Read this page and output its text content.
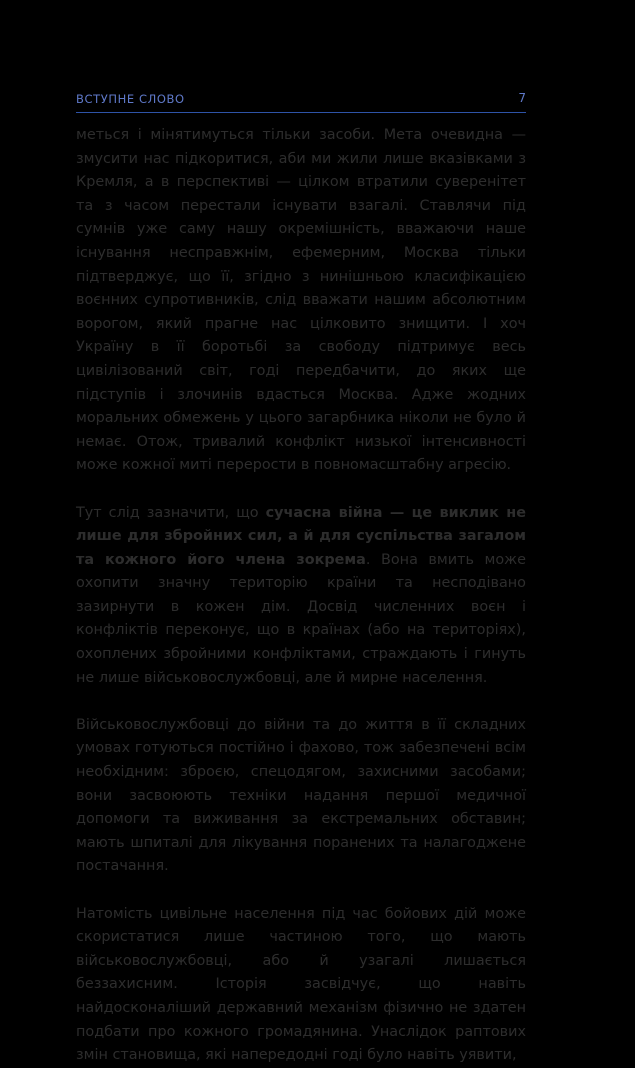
ВСТУПНЕ СЛОВО	7

меться і мінятимуться тільки засоби. Мета очевидна — змусити нас підкоритися, аби ми жили лише вказівками з Кремля, а в перспективі — цілком втратили суверенітет та з часом перестали існувати взагалі. Ставлячи під сумнів уже саму нашу окремішність, вважаючи наше існування несправжнім, ефемерним, Москва тільки підтверджує, що її, згідно з нинішньою класифікацією воєнних супротивників, слід вважати нашим абсолютним ворогом, який прагне нас цілковито знищити. І хоч Україну в її боротьбі за свободу підтримує весь цивілізований світ, годі передбачити, до яких ще підступів і злочинів вдасться Москва. Адже жодних моральних обмежень у цього загарбника ніколи не було й немає. Отож, тривалий конфлікт низької інтенсивності може кожної миті перерости в повномасштабну агресію.

Тут слід зазначити, що сучасна війна — це виклик не лише для збройних сил, а й для суспільства загалом та кожного його члена зокрема. Вона вмить може охопити значну територію країни та несподівано зазирнути в кожен дім. Досвід численних воєн і конфліктів переконує, що в країнах (або на територіях), охоплених збройними конфліктами, страждають і гинуть не лише військовослужбовці, але й мирне населення.

Військовослужбовці до війни та до життя в її складних умовах готуються постійно і фахово, тож забезпечені всім необхідним: зброєю, спецодягом, захисними засобами; вони засвоюють техніки надання першої медичної допомоги та виживання за екстремальних обставин; мають шпиталі для лікування поранених та налагоджене постачання.

Натомість цивільне населення під час бойових дій може скористатися лише частиною того, що мають військовослужбовці, або й узагалі лишається беззахисним. Історія засвідчує, що навіть найдосконаліший державний механізм фізично не здатен подбати про кожного громадянина. Унаслідок раптових змін становища, які напередодні годі було навіть уявити,
